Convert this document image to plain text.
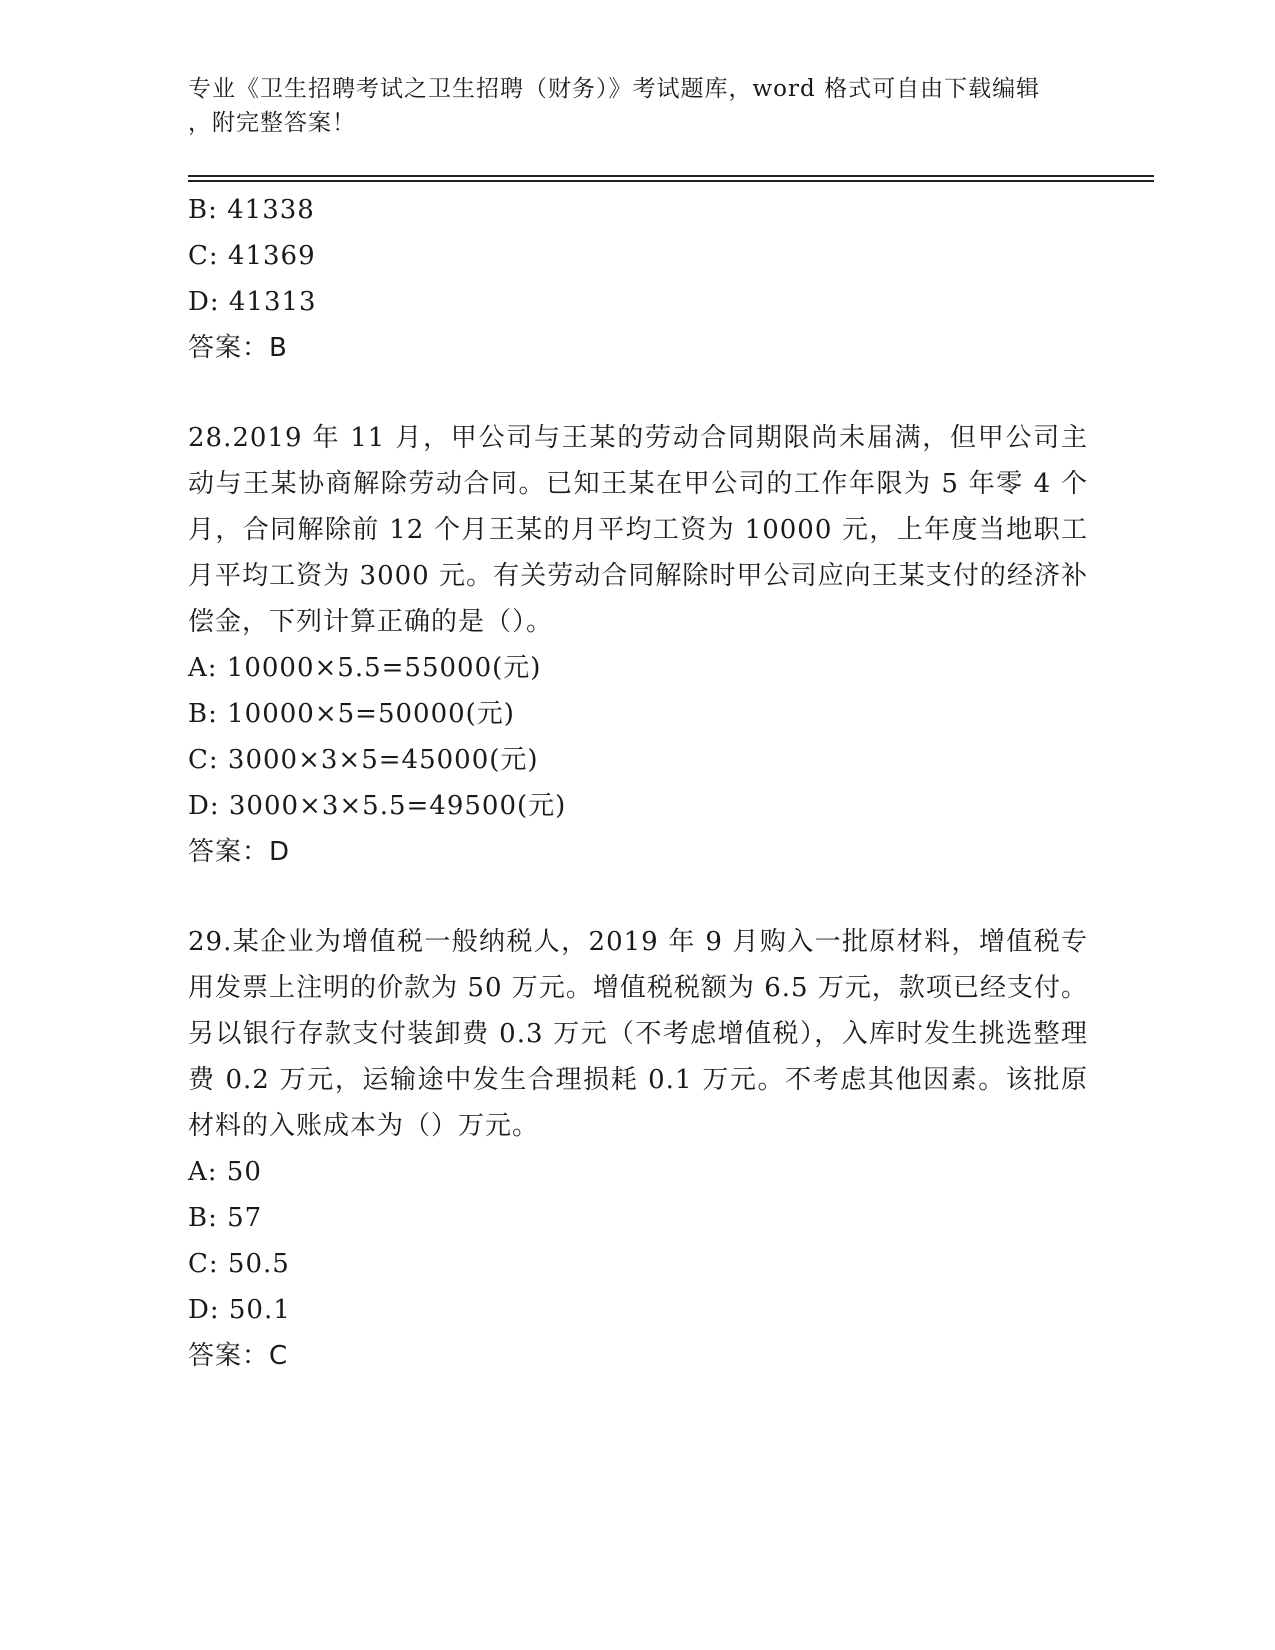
专业《卫生招聘考试之卫生招聘（财务）》考试题库，word 格式可自由下载编辑
，附完整答案！
B: 41338
C: 41369
D: 41313
答案：B
28.2019 年 11 月，甲公司与王某的劳动合同期限尚未届满，但甲公司主动与王某协商解除劳动合同。已知王某在甲公司的工作年限为 5 年零 4 个月，合同解除前 12 个月王某的月平均工资为 10000 元，上年度当地职工月平均工资为 3000 元。有关劳动合同解除时甲公司应向王某支付的经济补偿金，下列计算正确的是（）。
A: 10000×5.5=55000(元)
B: 10000×5=50000(元)
C: 3000×3×5=45000(元)
D: 3000×3×5.5=49500(元)
答案：D
29.某企业为增值税一般纳税人，2019 年 9 月购入一批原材料，增值税专用发票上注明的价款为 50 万元。增值税税额为 6.5 万元，款项已经支付。另以银行存款支付装卸费 0.3 万元（不考虑增值税），入库时发生挑选整理费 0.2 万元，运输途中发生合理损耗 0.1 万元。不考虑其他因素。该批原材料的入账成本为（）万元。
A: 50
B: 57
C: 50.5
D: 50.1
答案：C
